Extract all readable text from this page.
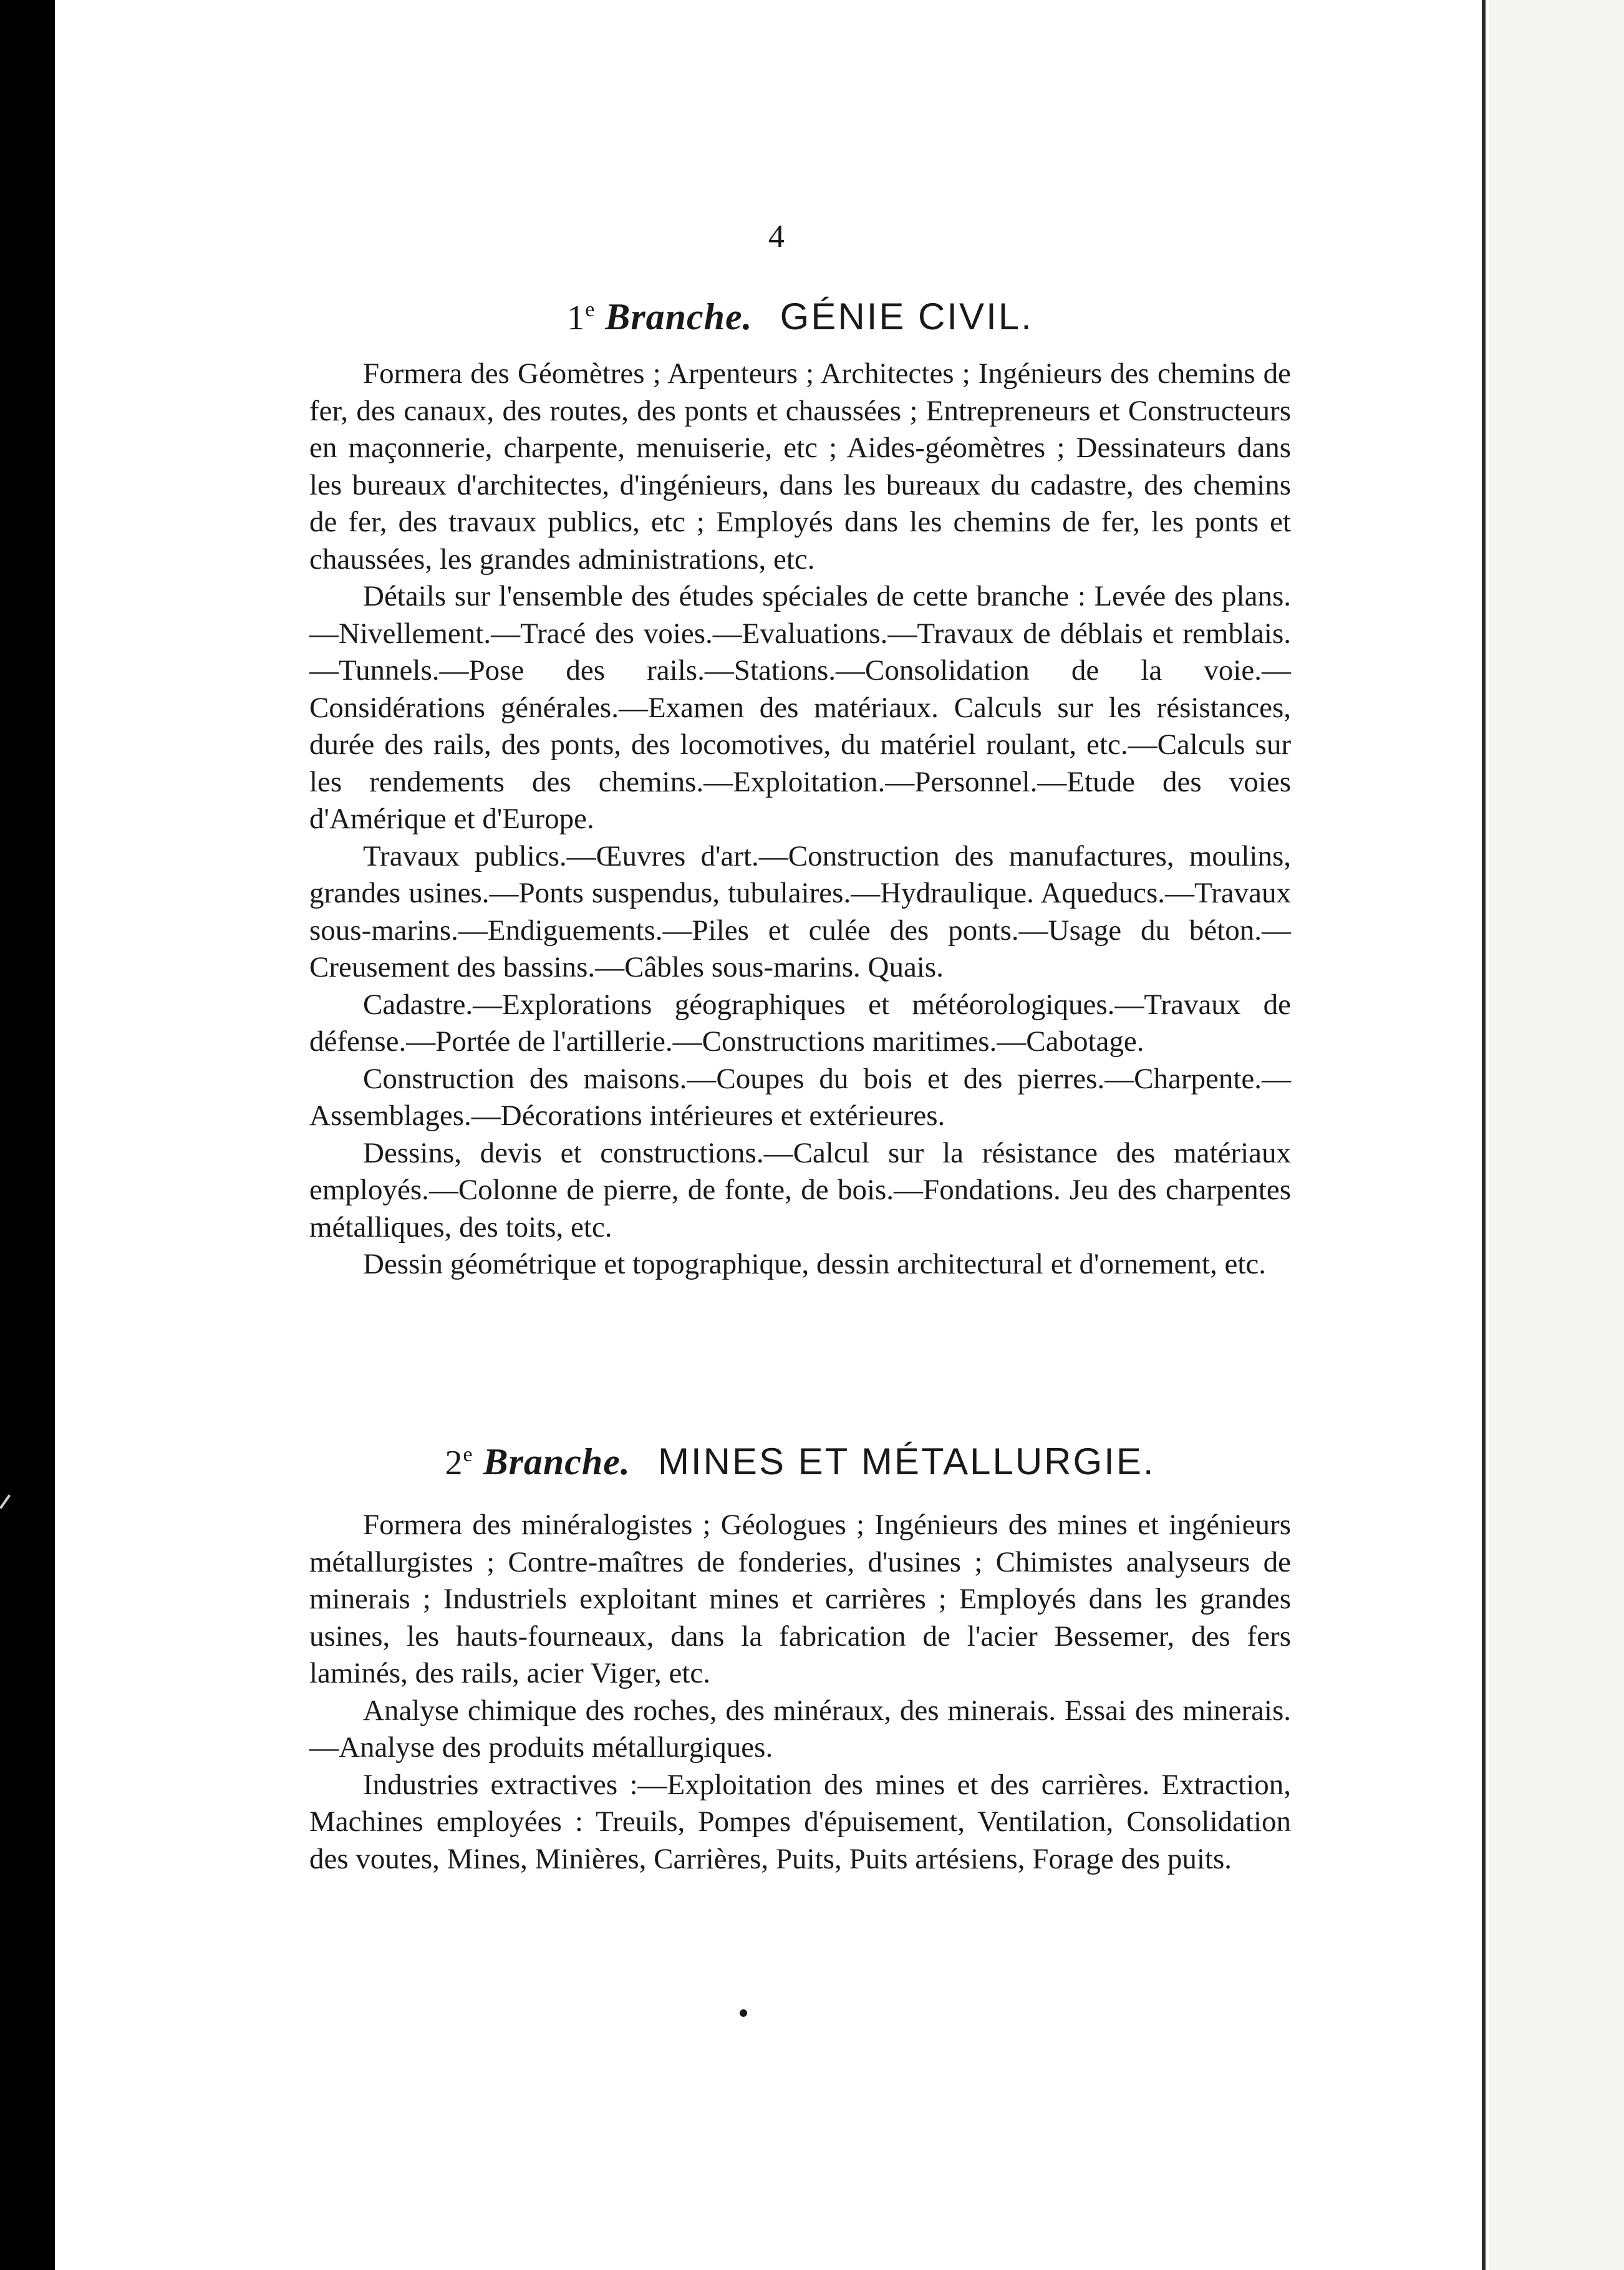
4
1e Branche. GÉNIE CIVIL.

Formera des Géomètres ; Arpenteurs ; Architectes ; Ingénieurs des chemins de fer, des canaux, des routes, des ponts et chaussées ; Entrepreneurs et Constructeurs en maçonnerie, charpente, menuiserie, etc ; Aides-géomètres ; Dessinateurs dans les bureaux d'architectes, d'ingénieurs, dans les bureaux du cadastre, des chemins de fer, des travaux publics, etc ; Employés dans les chemins de fer, les ponts et chaussées, les grandes administrations, etc.

Détails sur l'ensemble des études spéciales de cette branche : Levée des plans.—Nivellement.—Tracé des voies.—Evaluations.—Travaux de déblais et remblais.—Tunnels.—Pose des rails.—Stations.—Consolidation de la voie.—Considérations générales.—Examen des matériaux. Calculs sur les résistances, durée des rails, des ponts, des locomotives, du matériel roulant, etc.—Calculs sur les rendements des chemins.—Exploitation.—Personnel.—Etude des voies d'Amérique et d'Europe.

Travaux publics.—Œuvres d'art.—Construction des manufactures, moulins, grandes usines.—Ponts suspendus, tubulaires.—Hydraulique. Aqueducs.—Travaux sous-marins.—Endiguements.—Piles et culée des ponts.—Usage du béton.—Creusement des bassins.—Câbles sous-marins. Quais.

Cadastre.—Explorations géographiques et météorologiques.—Travaux de défense.—Portée de l'artillerie.—Constructions maritimes.—Cabotage.

Construction des maisons.—Coupes du bois et des pierres.—Charpente.—Assemblages.—Décorations intérieures et extérieures.

Dessins, devis et constructions.—Calcul sur la résistance des matériaux employés.—Colonne de pierre, de fonte, de bois.—Fondations. Jeu des charpentes métalliques, des toits, etc.

Dessin géométrique et topographique, dessin architectural et d'ornement, etc.

2e Branche. MINES ET MÉTALLURGIE.

Formera des minéralogistes ; Géologues ; Ingénieurs des mines et ingénieurs métallurgistes ; Contre-maîtres de fonderies, d'usines ; Chimistes analyseurs de minerais ; Industriels exploitant mines et carrières ; Employés dans les grandes usines, les hauts-fourneaux, dans la fabrication de l'acier Bessemer, des fers laminés, des rails, acier Viger, etc.

Analyse chimique des roches, des minéraux, des minerais. Essai des minerais.—Analyse des produits métallurgiques.

Industries extractives :—Exploitation des mines et des carrières. Extraction, Machines employées : Treuils, Pompes d'épuisement, Ventilation, Consolidation des voutes, Mines, Minières, Carrières, Puits, Puits artésiens, Forage des puits.
